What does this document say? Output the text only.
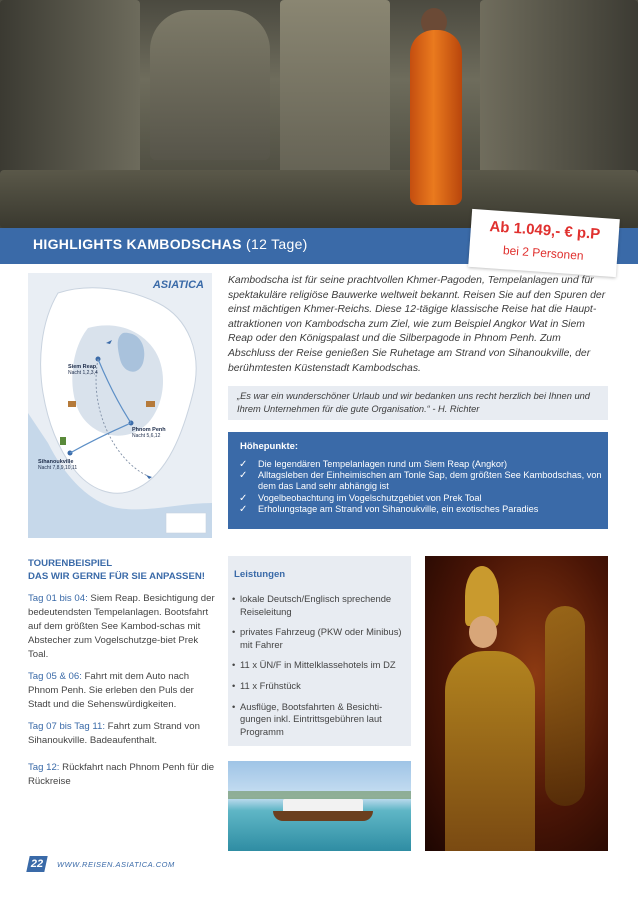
HIGHLIGHTS KAMBODSCHAS (12 Tage)
Ab 1.049,- € p.P
bei 2 Personen
ASIATICA
Siem Reap
Nacht 1,2,3,4
Phnom Penh
Nacht 5,6,12
Sihanoukville
Nacht 7,8,9,10,11

Kambodscha ist für seine prachtvollen Khmer-Pagoden, Tempelanlagen und für spektakuläre religiöse Bauwerke weltweit bekannt. Reisen Sie auf den Spuren der einst mächtigen Khmer-Reichs. Diese 12-tägige klassische Reise hat die Haupt-attraktionen von Kambodscha zum Ziel, wie zum Beispiel Angkor Wat in Siem Reap oder den Königspalast und die Silberpagode in Phnom Penh. Zum Abschluss der Reise genießen Sie Ruhetage am Strand von Sihanoukville, der berühmtesten Küstenstadt Kambodschas.

„Es war ein wunderschöner Urlaub und wir bedanken uns recht herzlich bei Ihnen und Ihrem Unternehmen für die gute Organisation.“ - H. Richter

Höhepunkte:
✓ Die legendären Tempelanlagen rund um Siem Reap (Angkor)
✓ Alltagsleben der Einheimischen am Tonle Sap, dem größten See Kambodschas, von dem das Land sehr abhängig ist
✓ Vogelbeobachtung im Vogelschutzgebiet von Prek Toal
✓ Erholungstage am Strand von Sihanoukville, ein exotisches Paradies
TOURENBEISPIEL
DAS WIR GERNE FÜR SIE ANPASSEN!

Tag 01 bis 04: Siem Reap. Besichtigung der bedeutendsten Tempelanlagen. Bootsfahrt auf dem größten See Kambod-schas mit Abstecher zum Vogelschutzge-biet Prek Toal.

Tag 05 & 06: Fahrt mit dem Auto nach Phnom Penh. Sie erleben den Puls der Stadt und die Sehenswürdigkeiten.

Tag 07 bis Tag 11: Fahrt zum Strand von Sihanoukville. Badeaufenthalt.

Tag 12: Rückfahrt nach Phnom Penh für die Rückreise

Leistungen
• lokale Deutsch/Englisch sprechende Reiseleitung
• privates Fahrzeug (PKW oder Minibus) mit Fahrer
• 11 x ÜN/F in Mittelklassehotels im DZ
• 11 x Frühstück
• Ausflüge, Bootsfahrten & Besichti-gungen inkl. Eintrittsgebühren laut Programm
22	WWW.REISEN.ASIATICA.COM
